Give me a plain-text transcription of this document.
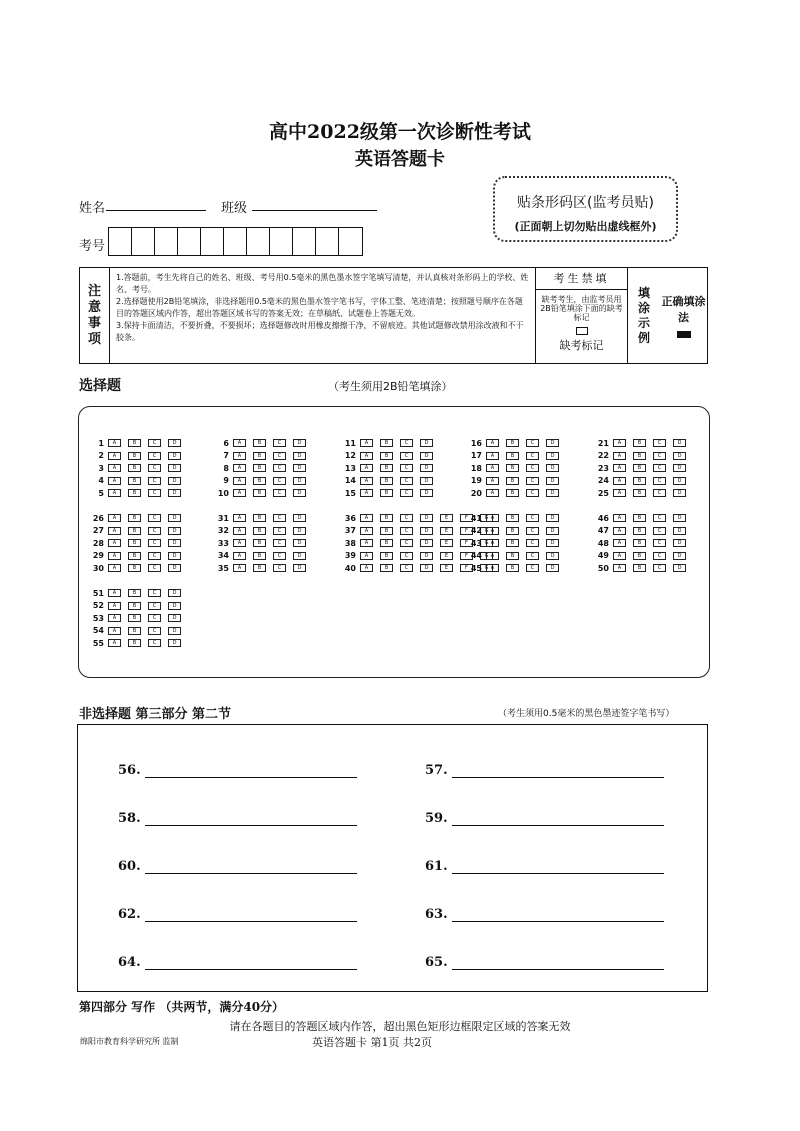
高中2022级第一次诊断性考试
英语答题卡
姓名	班级
考号
贴条形码区(监考员贴)
(正面朝上切勿贴出虚线框外)
注
意
事
项
1.答题前，考生先将自己的姓名、班级、考号用0.5毫米的黑色墨水签字笔填写清楚，并认真核对条形码上的学校、姓名、考号。
2.选择题使用2B铅笔填涂，非选择题用0.5毫米的黑色墨水签字笔书写，字体工整、笔迹清楚；按照题号顺序在各题目的答题区域内作答，超出答题区域书写的答案无效；在草稿纸、试题卷上答题无效。
3.保持卡面清洁，不要折叠，不要损坏；选择题修改时用橡皮擦擦干净，不留痕迹。其他试题修改禁用涂改液和不干胶条。
考生禁填
缺考考生，由监考员用2B铅笔填涂下面的缺考标记
缺考标记
填
涂
示
例
正确填涂法
选择题	（考生须用2B铅笔填涂）
1	A	B	C	D
2	A	B	C	D
3	A	B	C	D
4	A	B	C	D
5	A	B	C	D
6	A	B	C	D
7	A	B	C	D
8	A	B	C	D
9	A	B	C	D
10	A	B	C	D
11	A	B	C	D
12	A	B	C	D
13	A	B	C	D
14	A	B	C	D
15	A	B	C	D
16	A	B	C	D
17	A	B	C	D
18	A	B	C	D
19	A	B	C	D
20	A	B	C	D
21	A	B	C	D
22	A	B	C	D
23	A	B	C	D
24	A	B	C	D
25	A	B	C	D
26	A	B	C	D
27	A	B	C	D
28	A	B	C	D
29	A	B	C	D
30	A	B	C	D
31	A	B	C	D
32	A	B	C	D
33	A	B	C	D
34	A	B	C	D
35	A	B	C	D
36	A	B	C	D	E	F	G
37	A	B	C	D	E	F	G
38	A	B	C	D	E	F	G
39	A	B	C	D	E	F	G
40	A	B	C	D	E	F	G
41	A	B	C	D
42	A	B	C	D
43	A	B	C	D
44	A	B	C	D
45	A	B	C	D
46	A	B	C	D
47	A	B	C	D
48	A	B	C	D
49	A	B	C	D
50	A	B	C	D
51	A	B	C	D
52	A	B	C	D
53	A	B	C	D
54	A	B	C	D
55	A	B	C	D
非选择题 第三部分 第二节	（考生须用0.5毫米的黑色墨迹签字笔书写）
56.	57.
58.	59.
60.	61.
62.	63.
64.	65.
第四部分 写作 （共两节，满分40分）
请在各题目的答题区域内作答，超出黑色矩形边框限定区域的答案无效
绵阳市教育科学研究所 监制	英语答题卡 第1页 共2页
